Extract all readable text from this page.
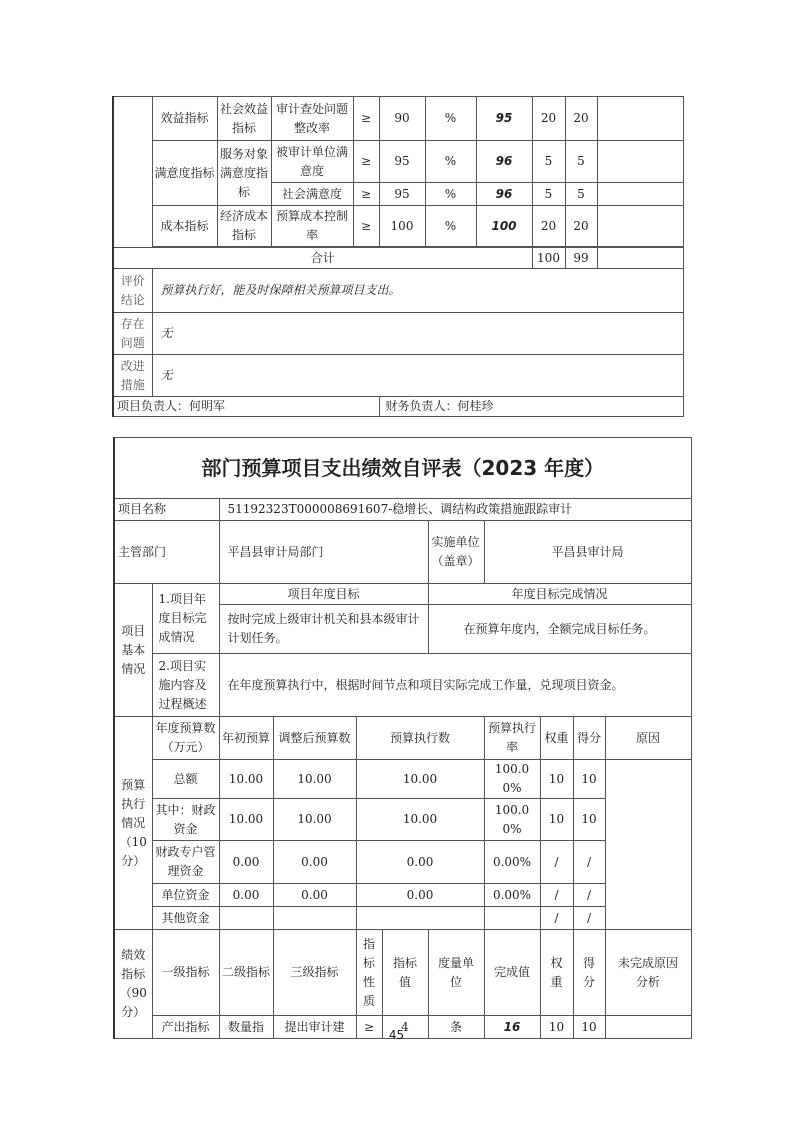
	效益指标	社会效益指标	审计查处问题整改率	≥	90	%	95	20	20	
	满意度指标	服务对象满意度指标	被审计单位满意度	≥	95	%	96	5	5	
			社会满意度	≥	95	%	96	5	5	
	成本指标	经济成本指标	预算成本控制率	≥	100	%	100	20	20	

合计								100	99	
评价结论	预算执行好，能及时保障相关预算项目支出。									
存在问题	无									
改进措施	无									
项目负责人：何明军					财务负责人：何桂珍					
部门预算项目支出绩效自评表（2023 年度）										
项目名称		51192323T000008691607-稳增长、调结构政策措施跟踪审计								
主管部门		平昌县审计局部门				实施单位（盖章）	平昌县审计局			
项目基本情况	1.项目年度目标完成情况	项目年度目标				年度目标完成情况				
		按时完成上级审计机关和县本级审计计划任务。				在预算年度内，全额完成目标任务。				
	2.项目实施内容及过程概述	在年度预算执行中，根据时间节点和项目实际完成工作量，兑现项目资金。								
预算执行情况（10分）	年度预算数（万元）	年初预算	调整后预算数	预算执行数			预算执行率	权重	得分	原因
	总额	10.00	10.00	10.00			100.00%	10	10	
	其中：财政资金	10.00	10.00	10.00			100.00%	10	10	
	财政专户管理资金	0.00	0.00	0.00			0.00%	/	/	
	单位资金	0.00	0.00	0.00			0.00%	/	/	
	其他资金							/	/	
绩效指标（90分）	一级指标	二级指标	三级指标	指标性质	指标值	度量单位	完成值	权重	得分	未完成原因分析
	产出指标	数量指	提出审计建	≥	4	条	16	10	10	
45
